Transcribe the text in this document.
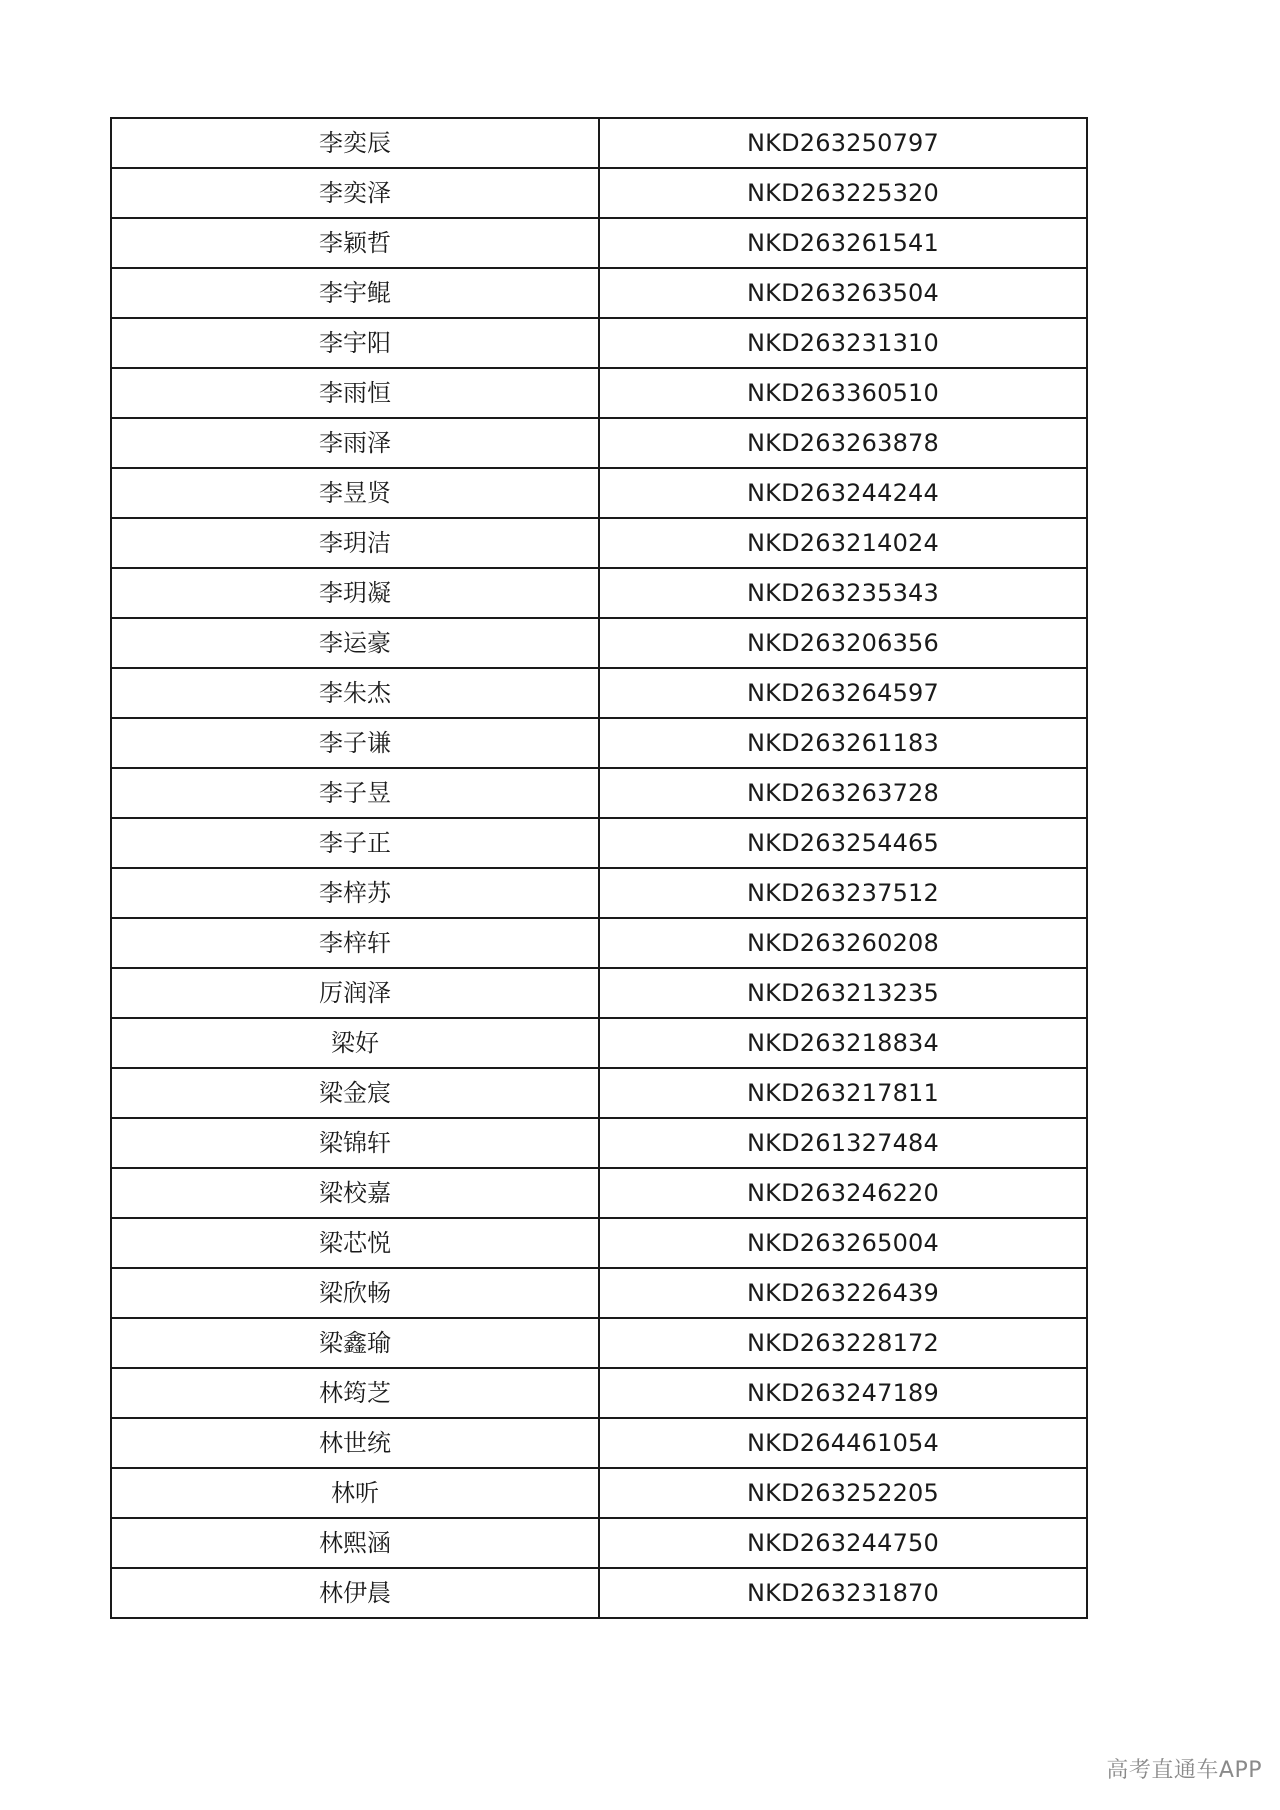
李奕辰	NKD263250797
李奕泽	NKD263225320
李颖哲	NKD263261541
李宇鲲	NKD263263504
李宇阳	NKD263231310
李雨恒	NKD263360510
李雨泽	NKD263263878
李昱贤	NKD263244244
李玥洁	NKD263214024
李玥凝	NKD263235343
李运豪	NKD263206356
李朱杰	NKD263264597
李子谦	NKD263261183
李子昱	NKD263263728
李子正	NKD263254465
李梓苏	NKD263237512
李梓轩	NKD263260208
厉润泽	NKD263213235
梁好	NKD263218834
梁金宸	NKD263217811
梁锦轩	NKD261327484
梁校嘉	NKD263246220
梁芯悦	NKD263265004
梁欣畅	NKD263226439
梁鑫瑜	NKD263228172
林筠芝	NKD263247189
林世统	NKD264461054
林听	NKD263252205
林熙涵	NKD263244750
林伊晨	NKD263231870
高考直通车APP
